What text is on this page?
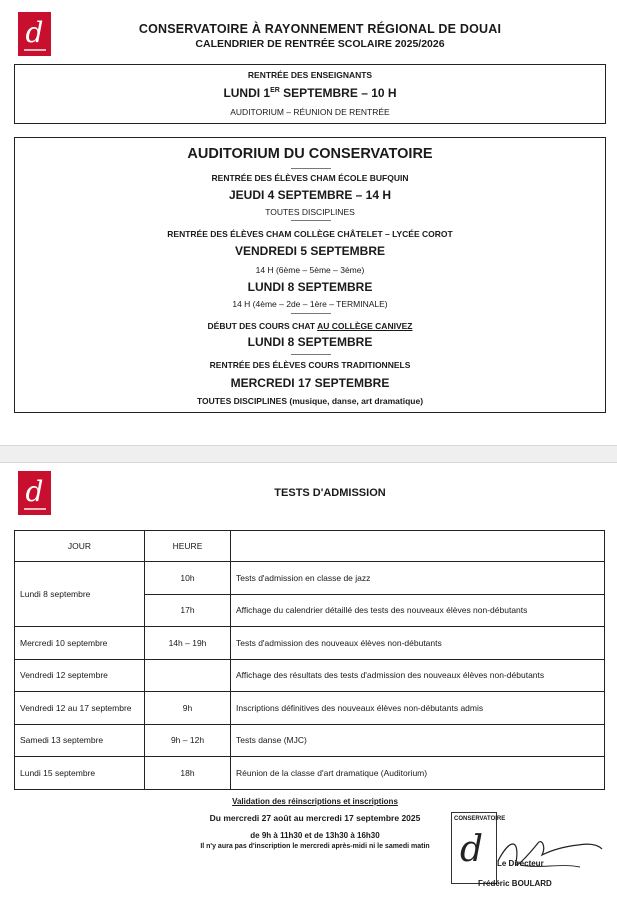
d	CONSERVATOIRE À RAYONNEMENT RÉGIONAL DE DOUAI
CALENDRIER DE RENTRÉE SCOLAIRE 2025/2026
RENTRÉE DES ENSEIGNANTS
LUNDI 1ER SEPTEMBRE – 10 H
AUDITORIUM – RÉUNION DE RENTRÉE
AUDITORIUM DU CONSERVATOIRE
RENTRÉE DES ÉLÈVES CHAM ÉCOLE BUFQUIN
JEUDI 4 SEPTEMBRE – 14 H
TOUTES DISCIPLINES
RENTRÉE DES ÉLÈVES CHAM COLLÈGE CHÂTELET – LYCÉE COROT
VENDREDI 5 SEPTEMBRE
14 H (6ème – 5ème – 3ème)
LUNDI 8 SEPTEMBRE
14 H (4ème – 2de – 1ère – TERMINALE)
DÉBUT DES COURS CHAT AU COLLÈGE CANIVEZ
LUNDI 8 SEPTEMBRE
RENTRÉE DES ÉLÈVES COURS TRADITIONNELS
MERCREDI 17 SEPTEMBRE
TOUTES DISCIPLINES (musique, danse, art dramatique)
d	TESTS D'ADMISSION
JOUR	HEURE	
Lundi 8 septembre	10h	Tests d'admission en classe de jazz
	17h	Affichage du calendrier détaillé des tests des nouveaux élèves non-débutants
Mercredi 10 septembre	14h – 19h	Tests d'admission des nouveaux élèves non-débutants
Vendredi 12 septembre		Affichage des résultats des tests d'admission des nouveaux élèves non-débutants
Vendredi 12 au 17 septembre	9h	Inscriptions définitives des nouveaux élèves non-débutants admis
Samedi 13 septembre	9h – 12h	Tests danse (MJC)
Lundi 15 septembre	18h	Réunion de la classe d'art dramatique (Auditorium)
Validation des réinscriptions et inscriptions
Du mercredi 27 août au mercredi 17 septembre 2025
de 9h à 11h30 et de 13h30 à 16h30
Il n'y aura pas d'inscription le mercredi après-midi ni le samedi matin
CONSERVATOIRE
d Le Directeur
Frédéric BOULARD
